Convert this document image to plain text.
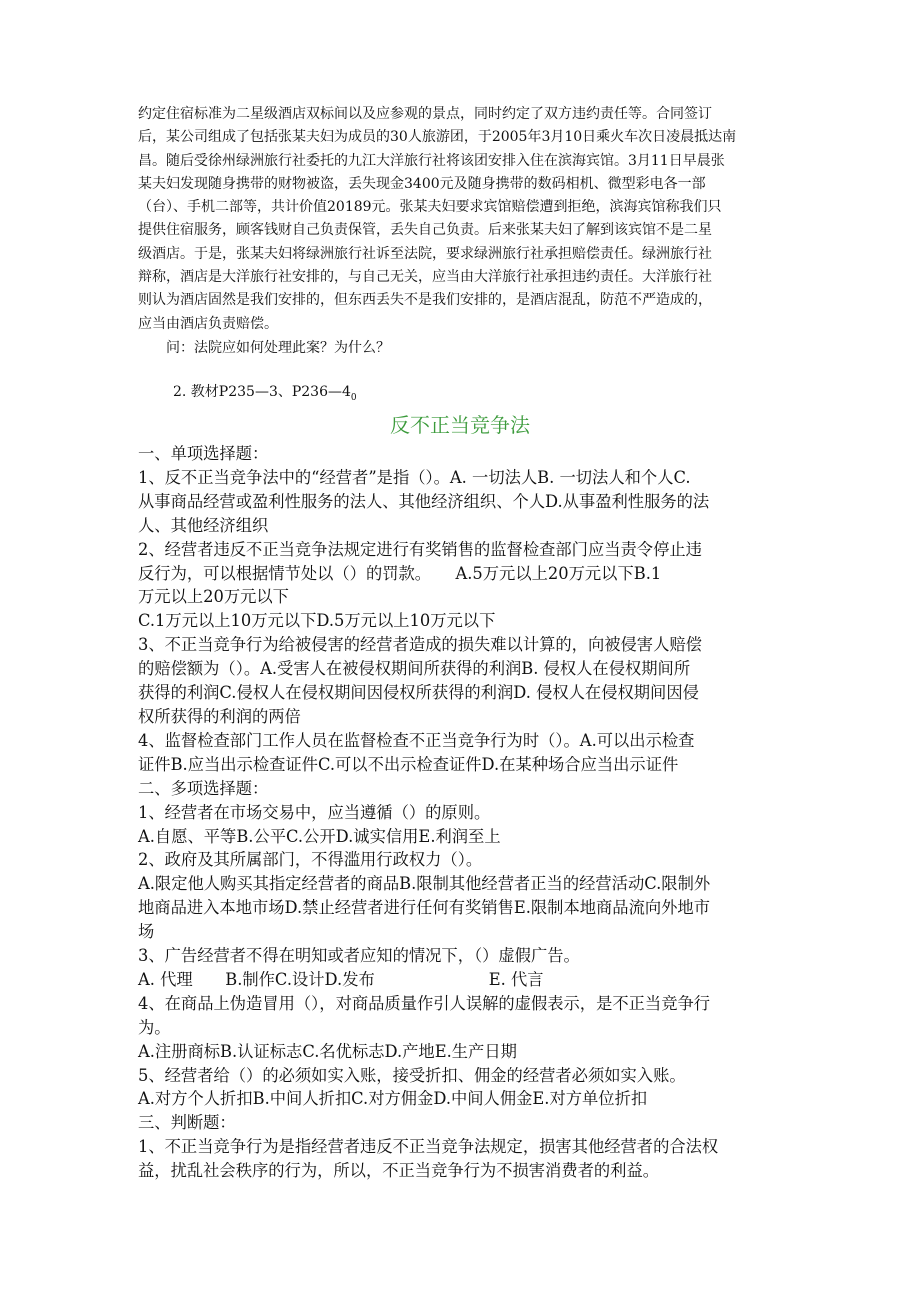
约定住宿标准为二星级酒店双标间以及应参观的景点，同时约定了双方违约责任等。合同签订

后，某公司组成了包括张某夫妇为成员的30人旅游团，于2005年3月10日乘火车次日凌晨抵达南

昌。随后受徐州绿洲旅行社委托的九江大洋旅行社将该团安排入住在滨海宾馆。3月11日早晨张

某夫妇发现随身携带的财物被盗，丢失现金3400元及随身携带的数码相机、微型彩电各一部

（台）、手机二部等，共计价值20189元。张某夫妇要求宾馆赔偿遭到拒绝，滨海宾馆称我们只

提供住宿服务，顾客钱财自己负责保管，丢失自己负责。后来张某夫妇了解到该宾馆不是二星

级酒店。于是，张某夫妇将绿洲旅行社诉至法院，要求绿洲旅行社承担赔偿责任。绿洲旅行社

辩称，酒店是大洋旅行社安排的，与自己无关，应当由大洋旅行社承担违约责任。大洋旅行社

则认为酒店固然是我们安排的，但东西丢失不是我们安排的，是酒店混乱，防范不严造成的，

应当由酒店负责赔偿。

问：法院应如何处理此案？为什么？

2. 教材P235—3、$P236—4_0$

反不正当竞争法

一、单项选择题：

1、反不正当竞争法中的“经营者”是指（）。A. 一切法人B. 一切法人和个人C.

从事商品经营或盈利性服务的法人、其他经济组织、个人D.从事盈利性服务的法

人、其他经济组织

2、经营者违反不正当竞争法规定进行有奖销售的监督检查部门应当责令停止违

反行为，可以根据情节处以（）的罚款。　　A.5万元以上20万元以下B.1

万元以上20万元以下

C.1万元以上10万元以下D.5万元以上10万元以下

3、不正当竞争行为给被侵害的经营者造成的损失难以计算的，向被侵害人赔偿

的赔偿额为（）。A.受害人在被侵权期间所获得的利润B. 侵权人在侵权期间所

获得的利润C.侵权人在侵权期间因侵权所获得的利润D. 侵权人在侵权期间因侵

权所获得的利润的两倍

4、监督检查部门工作人员在监督检查不正当竞争行为时（）。A.可以出示检查

证件B.应当出示检查证件C.可以不出示检查证件D.在某种场合应当出示证件

二、多项选择题：

1、经营者在市场交易中，应当遵循（）的原则。

A.自愿、平等B.公平C.公开D.诚实信用E.利润至上

2、政府及其所属部门，不得滥用行政权力（）。

A.限定他人购买其指定经营者的商品B.限制其他经营者正当的经营活动C.限制外

地商品进入本地市场D.禁止经营者进行任何有奖销售E.限制本地商品流向外地市

场

3、广告经营者不得在明知或者应知的情况下，（）虚假广告。

A. 代理　　B.制作C.设计D.发布　　　　　　　E. 代言

4、在商品上伪造冒用（），对商品质量作引人误解的虚假表示，是不正当竞争行

为。

A.注册商标B.认证标志C.名优标志D.产地E.生产日期

5、经营者给（）的必须如实入账，接受折扣、佣金的经营者必须如实入账。

A.对方个人折扣B.中间人折扣C.对方佣金D.中间人佣金E.对方单位折扣

三、判断题：

1、不正当竞争行为是指经营者违反不正当竞争法规定，损害其他经营者的合法权

益，扰乱社会秩序的行为，所以，不正当竞争行为不损害消费者的利益。
